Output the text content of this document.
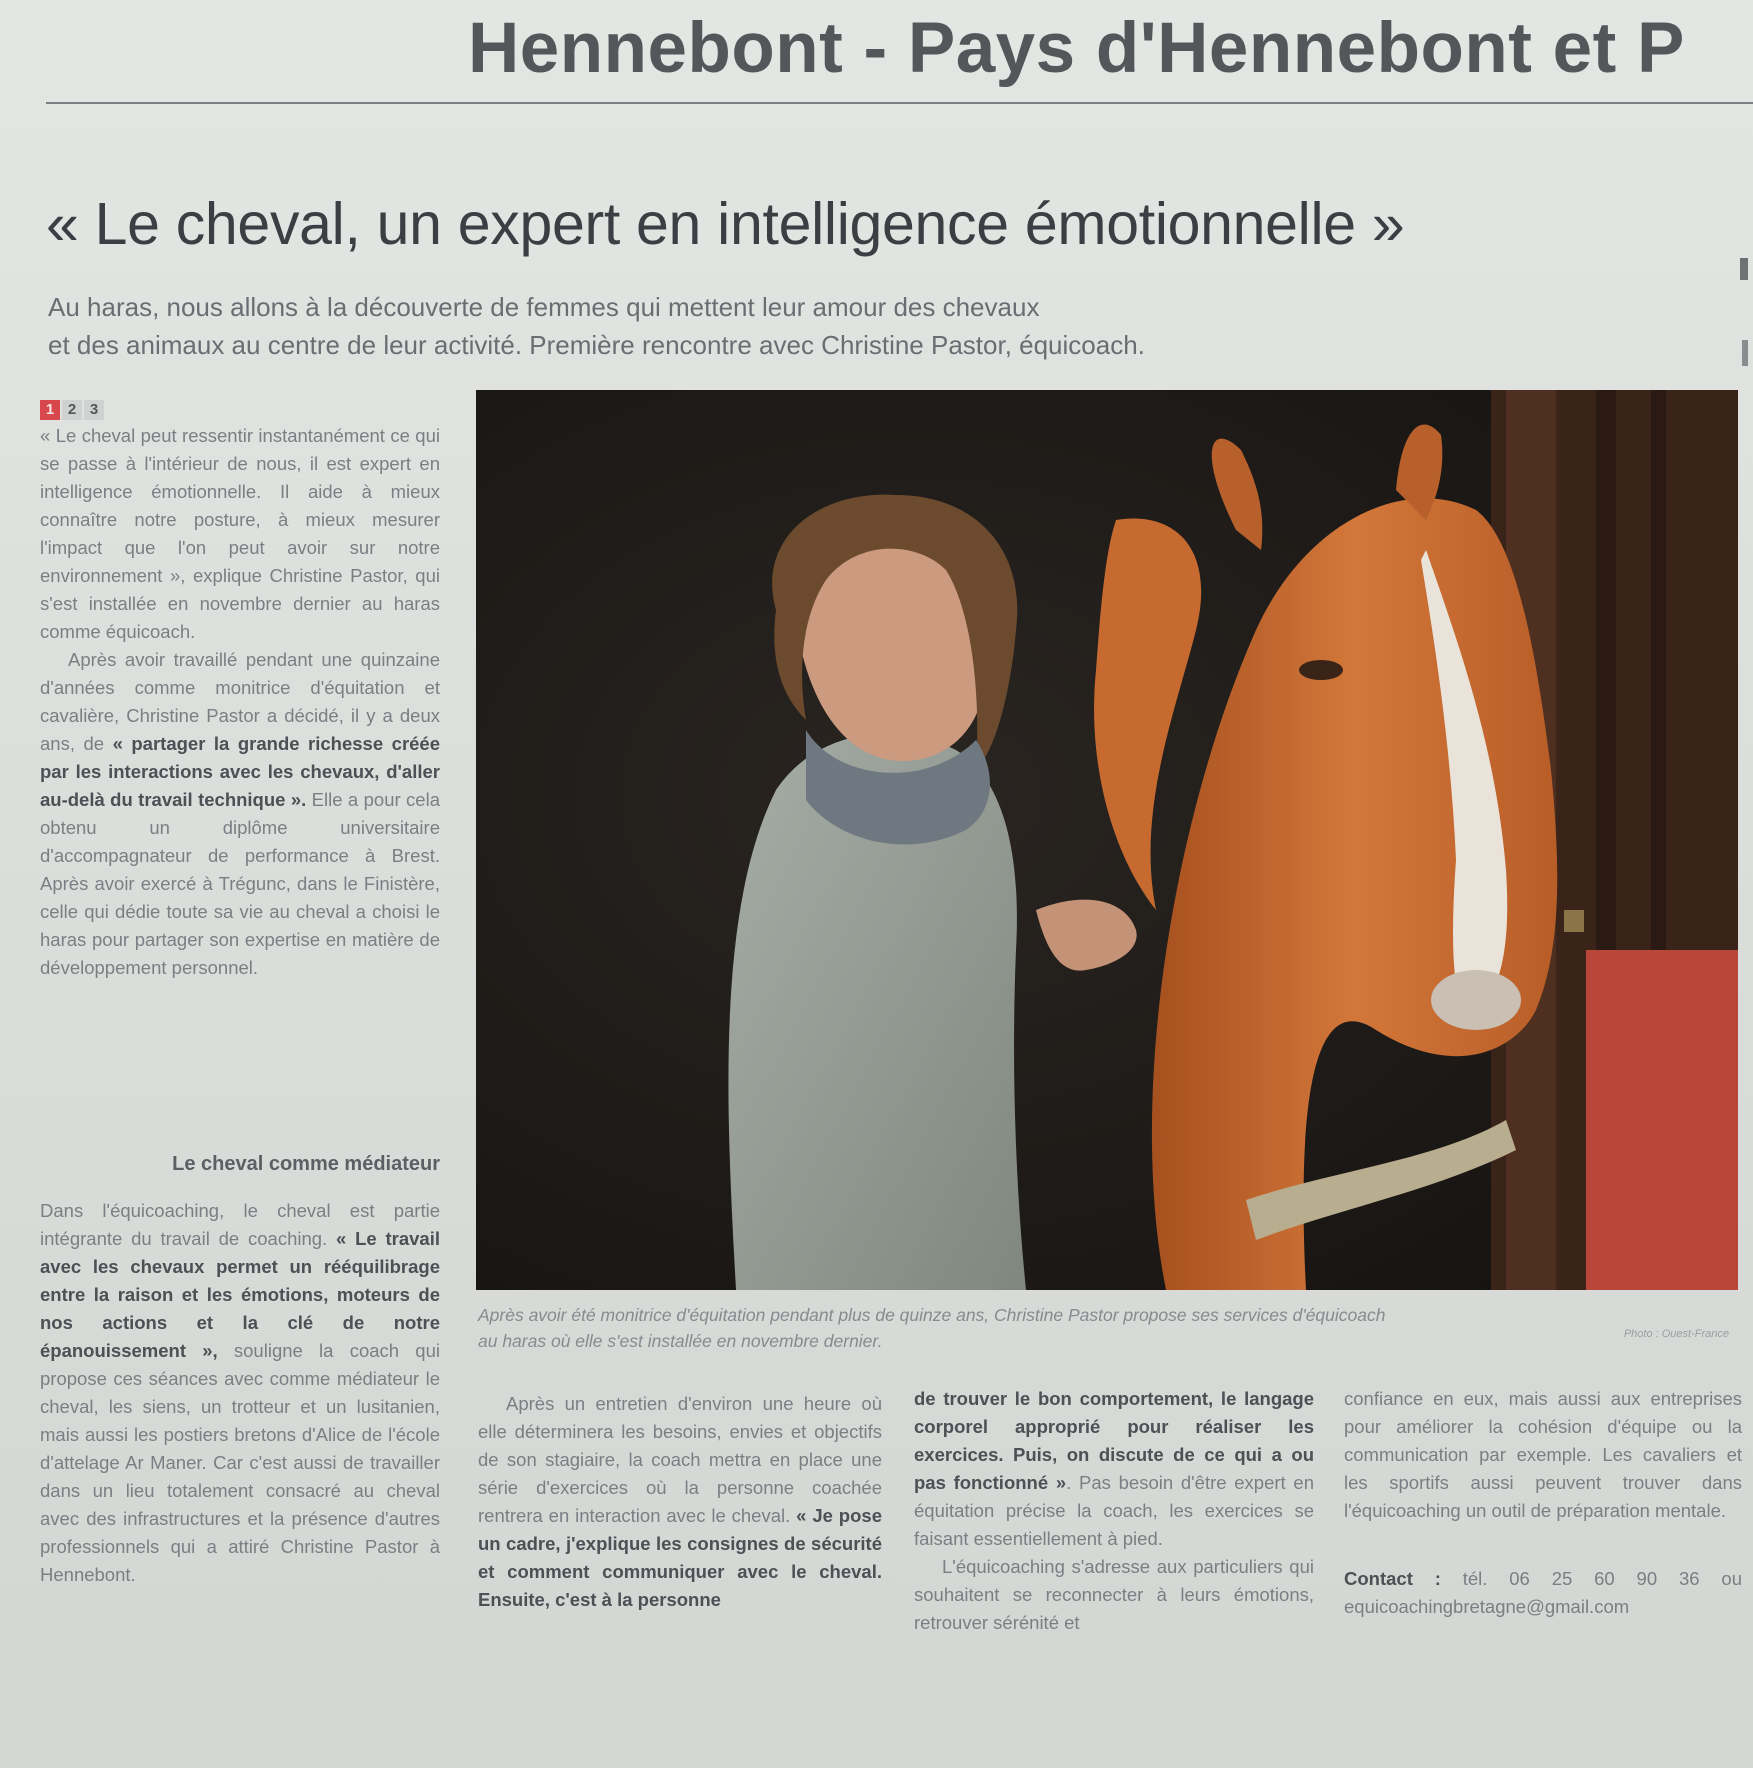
Hennebont - Pays d'Hennebont et P
« Le cheval, un expert en intelligence émotionnelle »

Au haras, nous allons à la découverte de femmes qui mettent leur amour des chevaux

et des animaux au centre de leur activité. Première rencontre avec Christine Pastor, équicoach.

1 2 3

« Le cheval peut ressentir instantanément ce qui se passe à l'intérieur de nous, il est expert en intelligence émotionnelle. Il aide à mieux connaître notre posture, à mieux mesurer l'impact que l'on peut avoir sur notre environnement », explique Christine Pastor, qui s'est installée en novembre dernier au haras comme équicoach.

Après avoir travaillé pendant une quinzaine d'années comme monitrice d'équitation et cavalière, Christine Pastor a décidé, il y a deux ans, de « partager la grande richesse créée par les interactions avec les chevaux, d'aller au-delà du travail technique ». Elle a pour cela obtenu un diplôme universitaire d'accompagnateur de performance à Brest. Après avoir exercé à Trégunc, dans le Finistère, celle qui dédie toute sa vie au cheval a choisi le haras pour partager son expertise en matière de développement personnel.

Le cheval comme médiateur

Dans l'équicoaching, le cheval est partie intégrante du travail de coaching. « Le travail avec les chevaux permet un rééquilibrage entre la raison et les émotions, moteurs de nos actions et la clé de notre épanouissement », souligne la coach qui propose ces séances avec comme médiateur le cheval, les siens, un trotteur et un lusitanien, mais aussi les postiers bretons d'Alice de l'école d'attelage Ar Maner. Car c'est aussi de travailler dans un lieu totalement consacré au cheval avec des infrastructures et la présence d'autres professionnels qui a attiré Christine Pastor à Hennebont.

Après avoir été monitrice d'équitation pendant plus de quinze ans, Christine Pastor propose ses services d'équicoach

au haras où elle s'est installée en novembre dernier.	Photo : Ouest-France

Après un entretien d'environ une heure où elle déterminera les besoins, envies et objectifs de son stagiaire, la coach mettra en place une série d'exercices où la personne coachée rentrera en interaction avec le cheval. « Je pose un cadre, j'explique les consignes de sécurité et comment communiquer avec le cheval. Ensuite, c'est à la personne

de trouver le bon comportement, le langage corporel approprié pour réaliser les exercices. Puis, on discute de ce qui a ou pas fonctionné ». Pas besoin d'être expert en équitation précise la coach, les exercices se faisant essentiellement à pied.

L'équicoaching s'adresse aux particuliers qui souhaitent se reconnecter à leurs émotions, retrouver sérénité et

confiance en eux, mais aussi aux entreprises pour améliorer la cohésion d'équipe ou la communication par exemple. Les cavaliers et les sportifs aussi peuvent trouver dans l'équicoaching un outil de préparation mentale.

Contact : tél. 06 25 60 90 36 ou equicoachingbretagne@gmail.com
